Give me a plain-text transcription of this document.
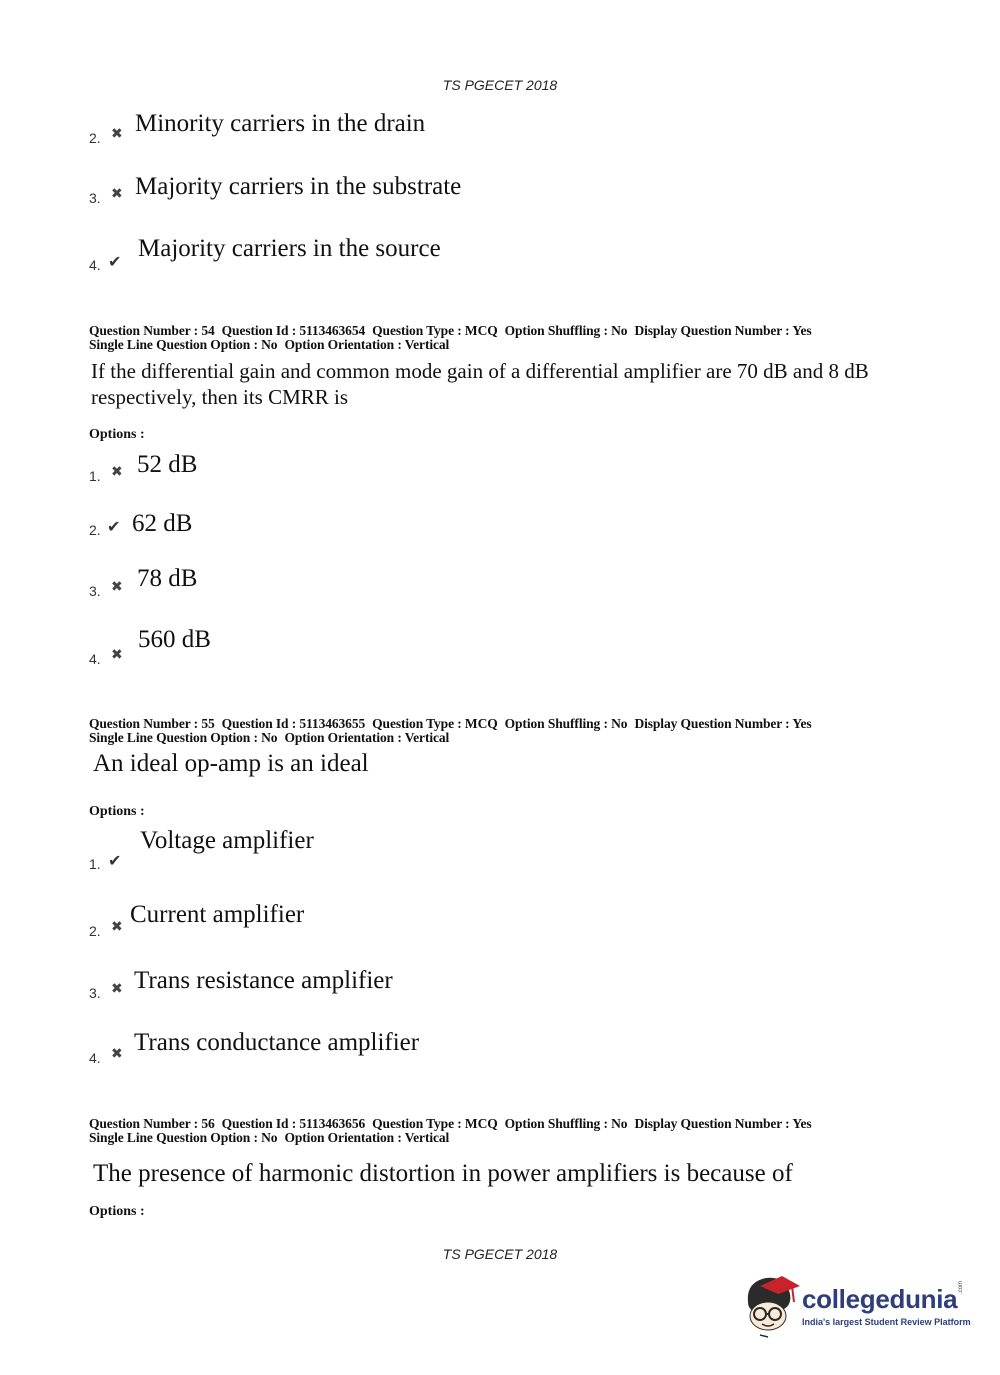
TS PGECET 2018
2. ✖ Minority carriers in the drain
3. ✖ Majority carriers in the substrate
4. ✔ Majority carriers in the source
Question Number : 54 Question Id : 5113463654 Question Type : MCQ Option Shuffling : No Display Question Number : Yes
Single Line Question Option : No Option Orientation : Vertical
If the differential gain and common mode gain of a differential amplifier are 70 dB and 8 dB respectively, then its CMRR is
Options :
1. ✖ 52 dB
2. ✔ 62 dB
3. ✖ 78 dB
4. ✖
560 dB
Question Number : 55 Question Id : 5113463655 Question Type : MCQ Option Shuffling : No Display Question Number : Yes
Single Line Question Option : No Option Orientation : Vertical
An ideal op-amp is an ideal
Options :
1. ✔
Voltage amplifier
2. ✖ Current amplifier
3. ✖ Trans resistance amplifier
4. ✖ Trans conductance amplifier
Question Number : 56 Question Id : 5113463656 Question Type : MCQ Option Shuffling : No Display Question Number : Yes
Single Line Question Option : No Option Orientation : Vertical
The presence of harmonic distortion in power amplifiers is because of
Options :
TS PGECET 2018
collegedunia .com
India's largest Student Review Platform
